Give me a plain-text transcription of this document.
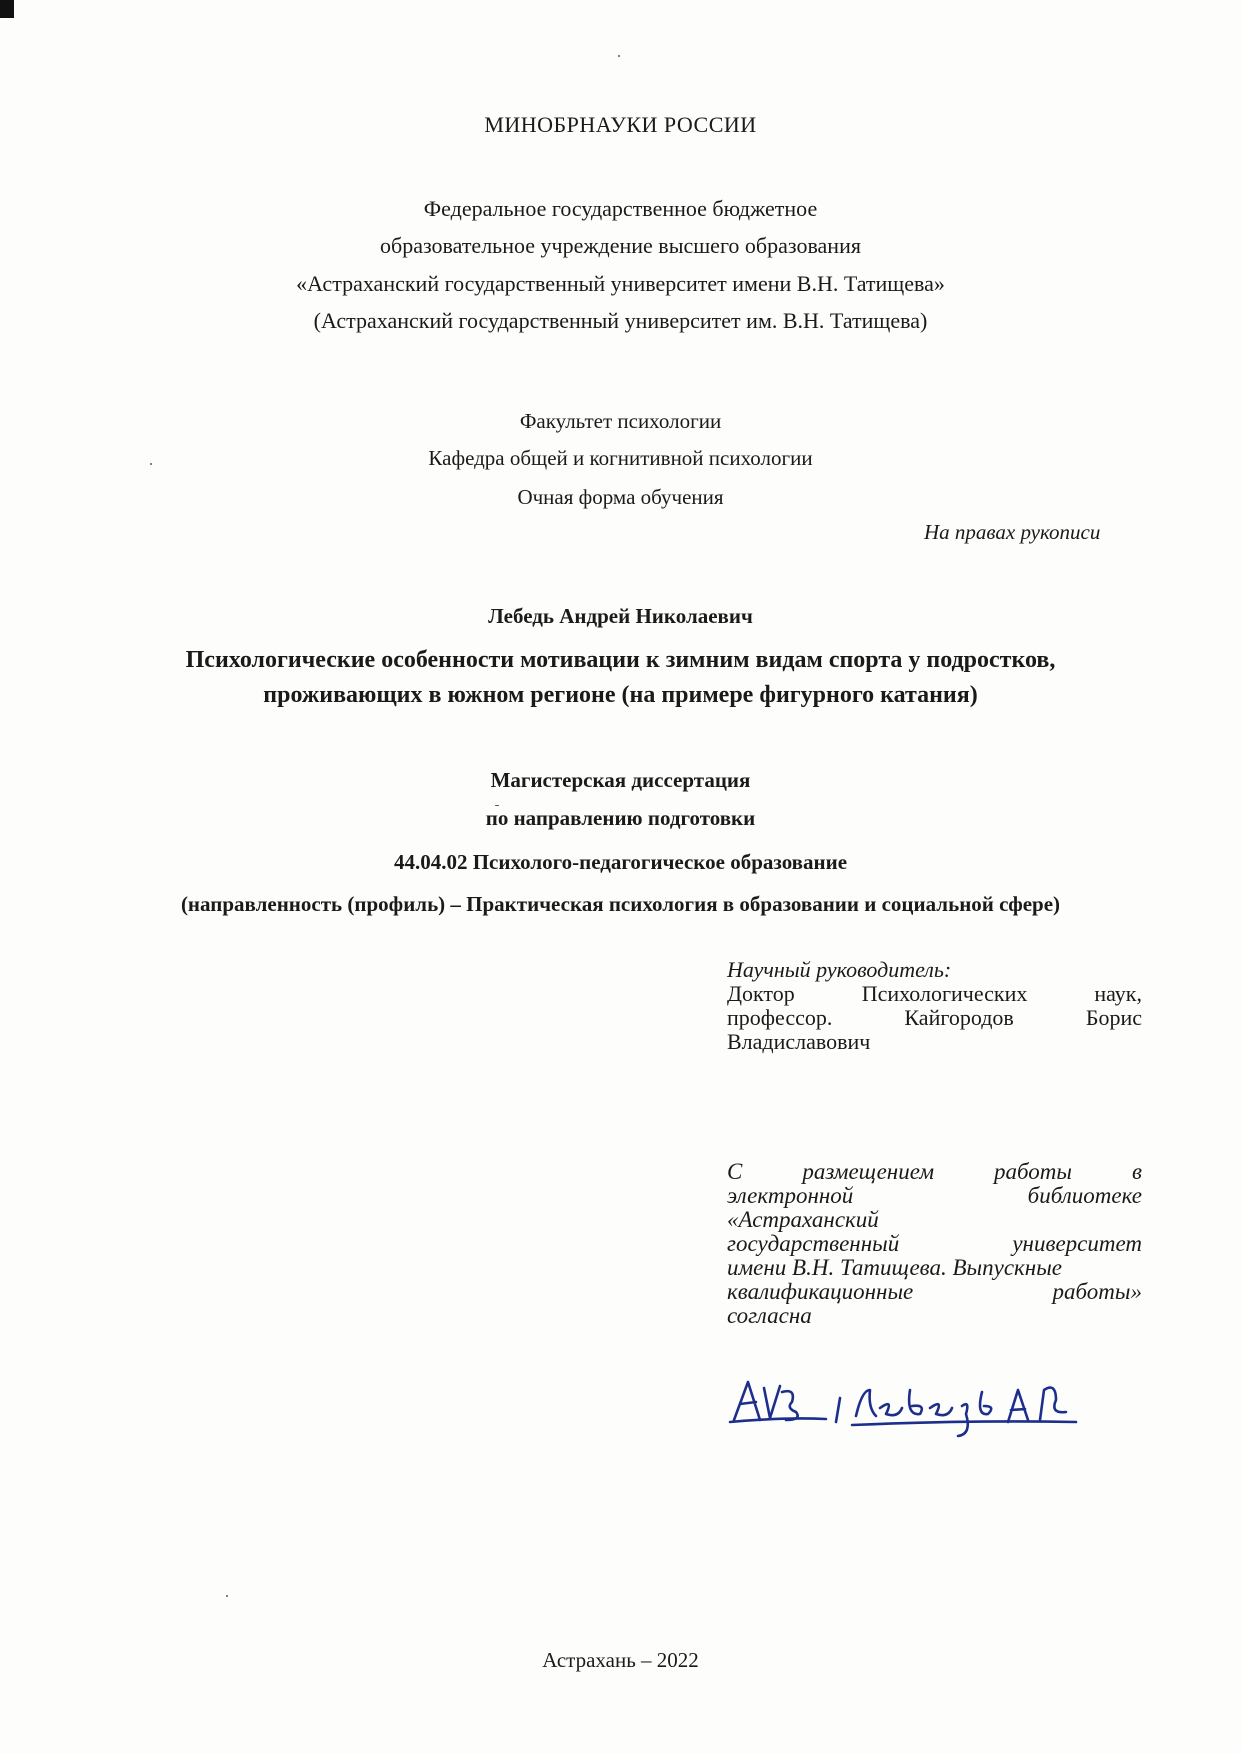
МИНОБРНАУКИ РОССИИ

Федеральное государственное бюджетное

образовательное учреждение высшего образования

«Астраханский государственный университет имени В.Н. Татищева»

(Астраханский государственный университет им. В.Н. Татищева)

Факультет психологии

Кафедра общей и когнитивной психологии

Очная форма обучения

На правах рукописи

Лебедь Андрей Николаевич

Психологические особенности мотивации к зимним видам спорта у подростков,

проживающих в южном регионе (на примере фигурного катания)

Магистерская диссертация

по направлению подготовки

44.04.02 Психолого-педагогическое образование

(направленность (профиль) – Практическая психология в образовании и социальной сфере)

Научный руководитель:

Доктор Психологических наук,

профессор. Кайгородов Борис

Владиславович

С размещением работы в

электронной библиотеке

«Астраханский

государственный университет

имени В.Н. Татищева. Выпускные

квалификационные работы»

согласна

Астрахань – 2022
